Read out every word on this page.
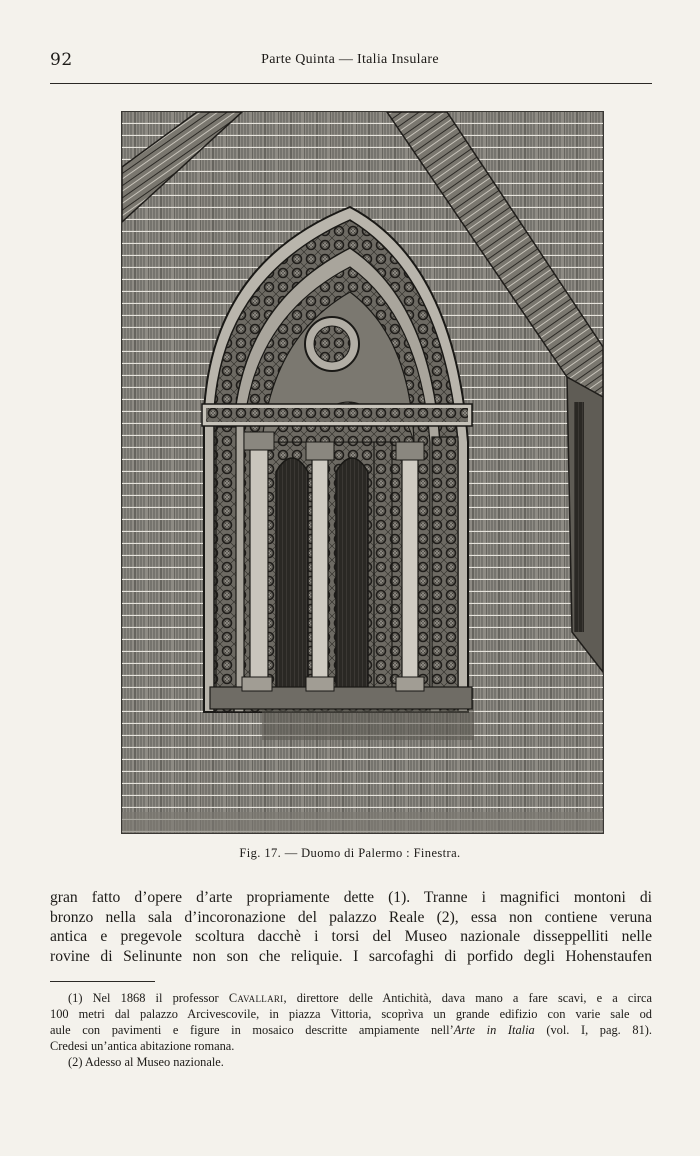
92	Parte Quinta — Italia Insulare
Fig. 17. — Duomo di Palermo : Finestra.
gran fatto d’opere d’arte propriamente dette (1). Tranne i magnifici montoni di
bronzo nella sala d’incoronazione del palazzo Reale (2), essa non contiene veruna
antica e pregevole scoltura dacchè i torsi del Museo nazionale disseppelliti nelle
rovine di Selinunte non son che reliquie. I sarcofaghi di porfido degli Hohenstaufen
(1) Nel 1868 il professor Cavallari, direttore delle Antichità, dava mano a fare scavi, e a circa
100 metri dal palazzo Arcivescovile, in piazza Vittoria, scoprìva un grande edifizio con varie sale od
aule con pavimenti e figure in mosaico descritte ampiamente nell’Arte in Italia (vol. I, pag. 81).
Credesi un’antica abitazione romana.
(2) Adesso al Museo nazionale.
